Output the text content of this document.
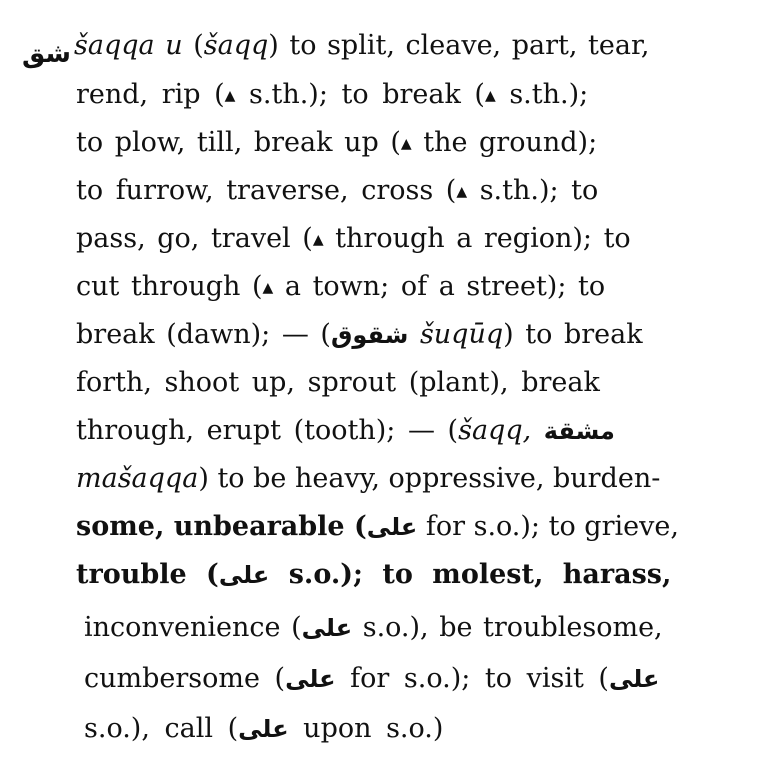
شق šaqqa u (šaqq) to split, cleave, part, tear,
rend, rip (▲ s.th.); to break (▲ s.th.);
to plow, till, break up (▲ the ground);
to furrow, traverse, cross (▲ s.th.); to
pass, go, travel (▲ through a region); to
cut through (▲ a town; of a street); to
break (dawn); — (شقوق šuqūq) to break
forth, shoot up, sprout (plant), break
through, erupt (tooth); — (šaqq, مشقة
mašaqqa) to be heavy, oppressive, burden-
some, unbearable (على for s.o.); to grieve,
trouble (على s.o.); to molest, harass,
inconvenience (على s.o.), be troublesome,
cumbersome (على for s.o.); to visit (على
s.o.), call (على upon s.o.)
